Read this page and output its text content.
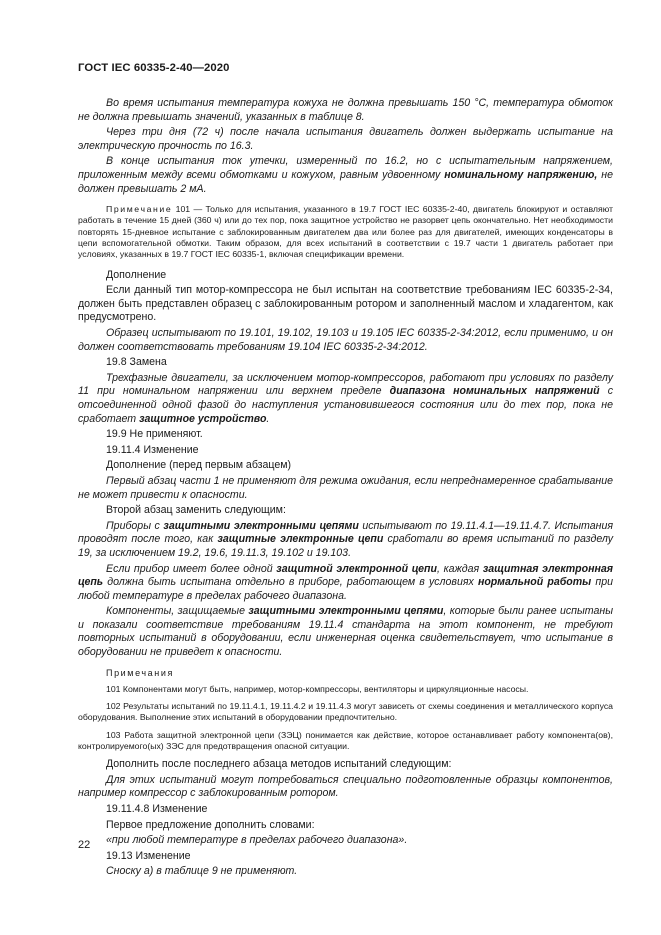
ГОСТ IEC 60335-2-40—2020

Во время испытания температура кожуха не должна превышать 150 °С, температура обмоток не должна превышать значений, указанных в таблице 8.

Через три дня (72 ч) после начала испытания двигатель должен выдержать испытание на электрическую прочность по 16.3.

В конце испытания ток утечки, измеренный по 16.2, но с испытательным напряжением, приложенным между всеми обмотками и кожухом, равным удвоенному номинальному напряжению, не должен превышать 2 мА.

Примечание 101 — Только для испытания, указанного в 19.7 ГОСТ IEC 60335-2-40, двигатель блокируют и оставляют работать в течение 15 дней (360 ч) или до тех пор, пока защитное устройство не разорвет цепь окончательно. Нет необходимости повторять 15-дневное испытание с заблокированным двигателем два или более раз для двигателей, имеющих конденсаторы в цепи вспомогательной обмотки. Таким образом, для всех испытаний в соответствии с 19.7 части 1 двигатель работает при условиях, указанных в 19.7 ГОСТ IEC 60335-1, включая спецификации времени.

Дополнение

Если данный тип мотор-компрессора не был испытан на соответствие требованиям IEC 60335-2-34, должен быть представлен образец с заблокированным ротором и заполненный маслом и хладагентом, как предусмотрено.

Образец испытывают по 19.101, 19.102, 19.103 и 19.105 IEC 60335-2-34:2012, если применимо, и он должен соответствовать требованиям 19.104 IEC 60335-2-34:2012.

19.8 Замена

Трехфазные двигатели, за исключением мотор-компрессоров, работают при условиях по разделу 11 при номинальном напряжении или верхнем пределе диапазона номинальных напряжений с отсоединенной одной фазой до наступления установившегося состояния или до тех пор, пока не сработает защитное устройство.

19.9 Не применяют.

19.11.4 Изменение

Дополнение (перед первым абзацем)

Первый абзац части 1 не применяют для режима ожидания, если непреднамеренное срабатывание не может привести к опасности.

Второй абзац заменить следующим:

Приборы с защитными электронными цепями испытывают по 19.11.4.1—19.11.4.7. Испытания проводят после того, как защитные электронные цепи сработали во время испытаний по разделу 19, за исключением 19.2, 19.6, 19.11.3, 19.102 и 19.103.

Если прибор имеет более одной защитной электронной цепи, каждая защитная электронная цепь должна быть испытана отдельно в приборе, работающем в условиях нормальной работы при любой температуре в пределах рабочего диапазона.

Компоненты, защищаемые защитными электронными цепями, которые были ранее испытаны и показали соответствие требованиям 19.11.4 стандарта на этот компонент, не требуют повторных испытаний в оборудовании, если инженерная оценка свидетельствует, что испытание в оборудовании не приведет к опасности.

Примечания

101 Компонентами могут быть, например, мотор-компрессоры, вентиляторы и циркуляционные насосы.

102 Результаты испытаний по 19.11.4.1, 19.11.4.2 и 19.11.4.3 могут зависеть от схемы соединения и металлического корпуса оборудования. Выполнение этих испытаний в оборудовании предпочтительно.

103 Работа защитной электронной цепи (ЗЭЦ) понимается как действие, которое останавливает работу компонента(ов), контролируемого(ых) ЗЭС для предотвращения опасной ситуации.

Дополнить после последнего абзаца методов испытаний следующим:

Для этих испытаний могут потребоваться специально подготовленные образцы компонентов, например компрессор с заблокированным ротором.

19.11.4.8 Изменение

Первое предложение дополнить словами:

«при любой температуре в пределах рабочего диапазона».

19.13 Изменение

Сноску а) в таблице 9 не применяют.

22
